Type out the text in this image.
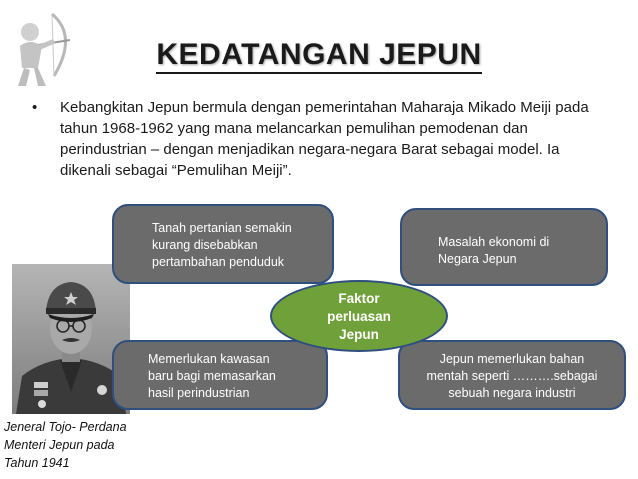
KEDATANGAN JEPUN
•	Kebangkitan Jepun bermula dengan pemerintahan Maharaja Mikado Meiji pada tahun 1968-1962 yang mana melancarkan pemulihan pemodenan dan perindustrian – dengan menjadikan negara-negara Barat sebagai model. Ia dikenali sebagai “Pemulihan Meiji”.
Jeneral Tojo- Perdana
Menteri Jepun pada
Tahun 1941
Tanah pertanian semakin
kurang disebabkan
pertambahan penduduk
Masalah ekonomi di
Negara Jepun
Memerlukan kawasan
baru bagi memasarkan
hasil perindustrian
Jepun memerlukan bahan
mentah seperti ……….sebagai
sebuah negara industri
Faktor
perluasan
Jepun
